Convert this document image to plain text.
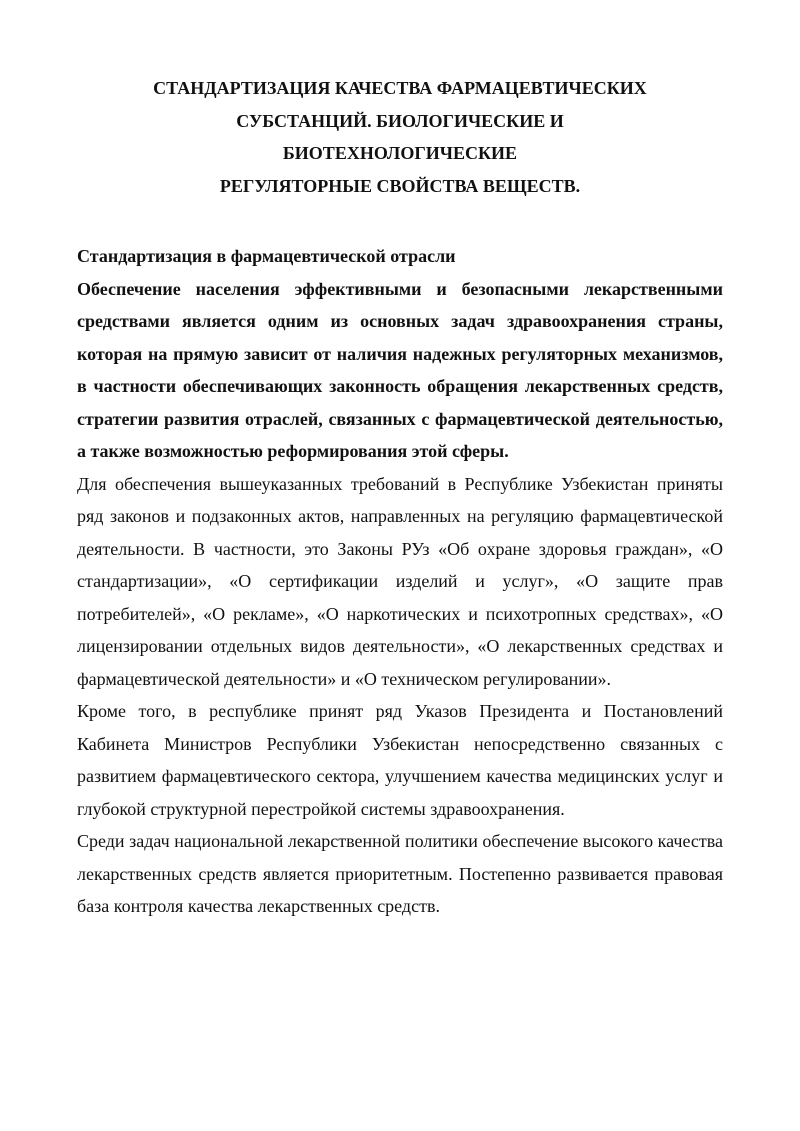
СТАНДАРТИЗАЦИЯ КАЧЕСТВА ФАРМАЦЕВТИЧЕСКИХ
СУБСТАНЦИЙ. БИОЛОГИЧЕСКИЕ И
БИОТЕХНОЛОГИЧЕСКИЕ
РЕГУЛЯТОРНЫЕ СВОЙСТВА ВЕЩЕСТВ.
Стандартизация в фармацевтической отрасли

Обеспечение населения эффективными и безопасными лекарственными средствами является одним из основных задач здравоохранения страны, которая на прямую зависит от наличия надежных регуляторных механизмов, в частности обеспечивающих законность обращения лекарственных средств, стратегии развития отраслей, связанных с фармацевтической деятельностью, а также возможностью реформирования этой сферы.

Для обеспечения вышеуказанных требований в Республике Узбекистан приняты ряд законов и подзаконных актов, направленных на регуляцию фармацевтической деятельности. В частности, это Законы РУз «Об охране здоровья граждан», «О стандартизации», «О сертификации изделий и услуг», «О защите прав потребителей», «О рекламе», «О наркотических и психотропных средствах», «О лицензировании отдельных видов деятельности», «О лекарственных средствах и фармацевтической деятельности» и «О техническом регулировании».

Кроме того, в республике принят ряд Указов Президента и Постановлений Кабинета Министров Республики Узбекистан непосредственно связанных с развитием фармацевтического сектора, улучшением качества медицинских услуг и глубокой структурной перестройкой системы здравоохранения.

Среди задач национальной лекарственной политики обеспечение высокого качества лекарственных средств является приоритетным. Постепенно развивается правовая база контроля качества лекарственных средств.
